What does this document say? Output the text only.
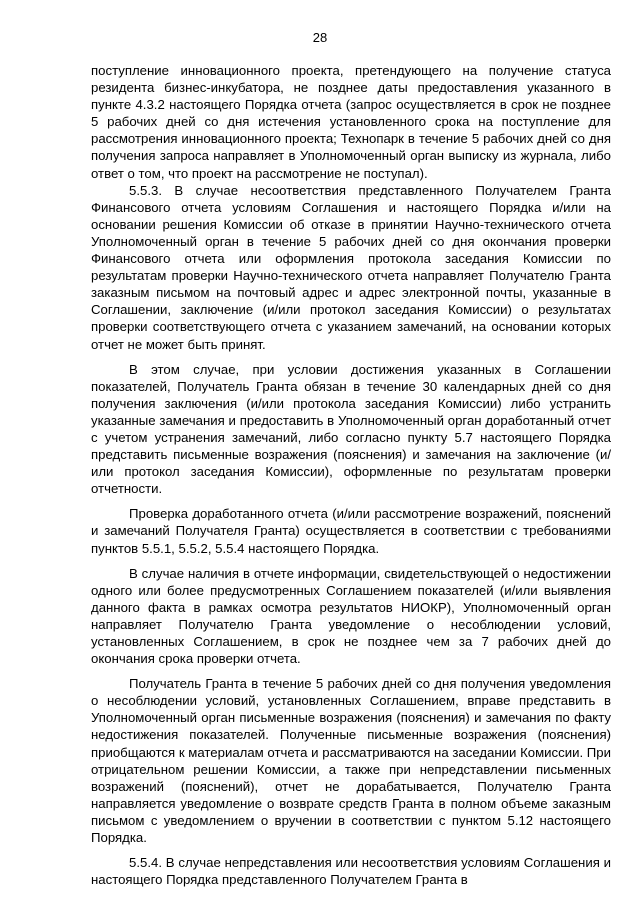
28

поступление инновационного проекта, претендующего на получение статуса резидента бизнес-инкубатора, не позднее даты предоставления указанного в пункте 4.3.2 настоящего Порядка отчета (запрос осуществляется в срок не позднее 5 рабочих дней со дня истечения установленного срока на поступление для рассмотрения инновационного проекта; Технопарк в течение 5 рабочих дней со дня получения запроса направляет в Уполномоченный орган выписку из журнала, либо ответ о том, что проект на рассмотрение не поступал).

5.5.3. В случае несоответствия представленного Получателем Гранта Финансового отчета условиям Соглашения и настоящего Порядка и/или на основании решения Комиссии об отказе в принятии Научно-технического отчета Уполномоченный орган в течение 5 рабочих дней со дня окончания проверки Финансового отчета или оформления протокола заседания Комиссии по результатам проверки Научно-технического отчета направляет Получателю Гранта заказным письмом на почтовый адрес и адрес электронной почты, указанные в Соглашении, заключение (и/или протокол заседания Комиссии) о результатах проверки соответствующего отчета с указанием замечаний, на основании которых отчет не может быть принят.

В этом случае, при условии достижения указанных в Соглашении показателей, Получатель Гранта обязан в течение 30 календарных дней со дня получения заключения (и/или протокола заседания Комиссии) либо устранить указанные замечания и предоставить в Уполномоченный орган доработанный отчет с учетом устранения замечаний, либо согласно пункту 5.7 настоящего Порядка представить письменные возражения (пояснения) и замечания на заключение (и/или протокол заседания Комиссии), оформленные по результатам проверки отчетности.

Проверка доработанного отчета (и/или рассмотрение возражений, пояснений и замечаний Получателя Гранта) осуществляется в соответствии с требованиями пунктов 5.5.1, 5.5.2, 5.5.4 настоящего Порядка.

В случае наличия в отчете информации, свидетельствующей о недостижении одного или более предусмотренных Соглашением показателей (и/или выявления данного факта в рамках осмотра результатов НИОКР), Уполномоченный орган направляет Получателю Гранта уведомление о несоблюдении условий, установленных Соглашением, в срок не позднее чем за 7 рабочих дней до окончания срока проверки отчета.

Получатель Гранта в течение 5 рабочих дней со дня получения уведомления о несоблюдении условий, установленных Соглашением, вправе представить в Уполномоченный орган письменные возражения (пояснения) и замечания по факту недостижения показателей. Полученные письменные возражения (пояснения) приобщаются к материалам отчета и рассматриваются на заседании Комиссии. При отрицательном решении Комиссии, а также при непредставлении письменных возражений (пояснений), отчет не дорабатывается, Получателю Гранта направляется уведомление о возврате средств Гранта в полном объеме заказным письмом с уведомлением о вручении в соответствии с пунктом 5.12 настоящего Порядка.

5.5.4. В случае непредставления или несоответствия условиям Соглашения и настоящего Порядка представленного Получателем Гранта в
